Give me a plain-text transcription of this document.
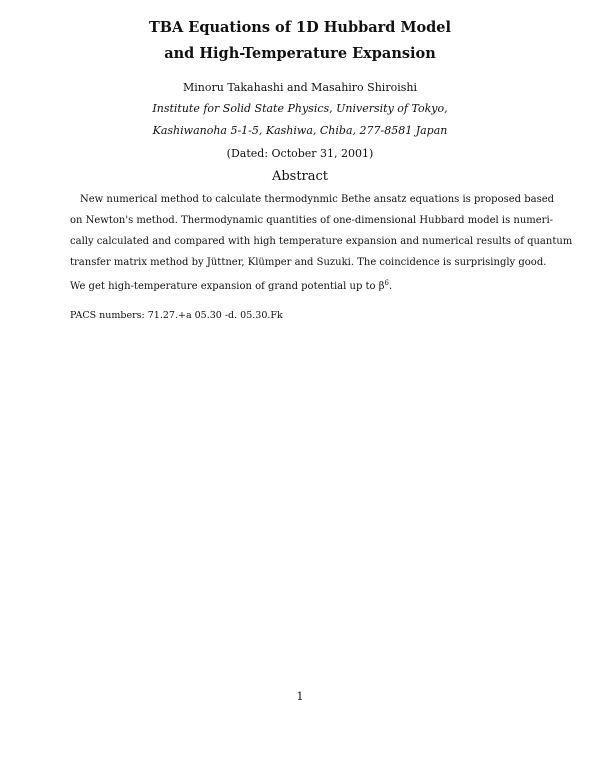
TBA Equations of 1D Hubbard Model
and High-Temperature Expansion
Minoru Takahashi and Masahiro Shiroishi
Institute for Solid State Physics, University of Tokyo,
Kashiwanoha 5-1-5, Kashiwa, Chiba, 277-8581 Japan
(Dated: October 31, 2001)
Abstract
New numerical method to calculate thermodynmic Bethe ansatz equations is proposed based
on Newton's method. Thermodynamic quantities of one-dimensional Hubbard model is numeri-
cally calculated and compared with high temperature expansion and numerical results of quantum
transfer matrix method by Jüttner, Klümper and Suzuki. The coincidence is surprisingly good.
We get high-temperature expansion of grand potential up to $\beta^6$.
PACS numbers: 71.27.+a 05.30 -d. 05.30.Fk
1
